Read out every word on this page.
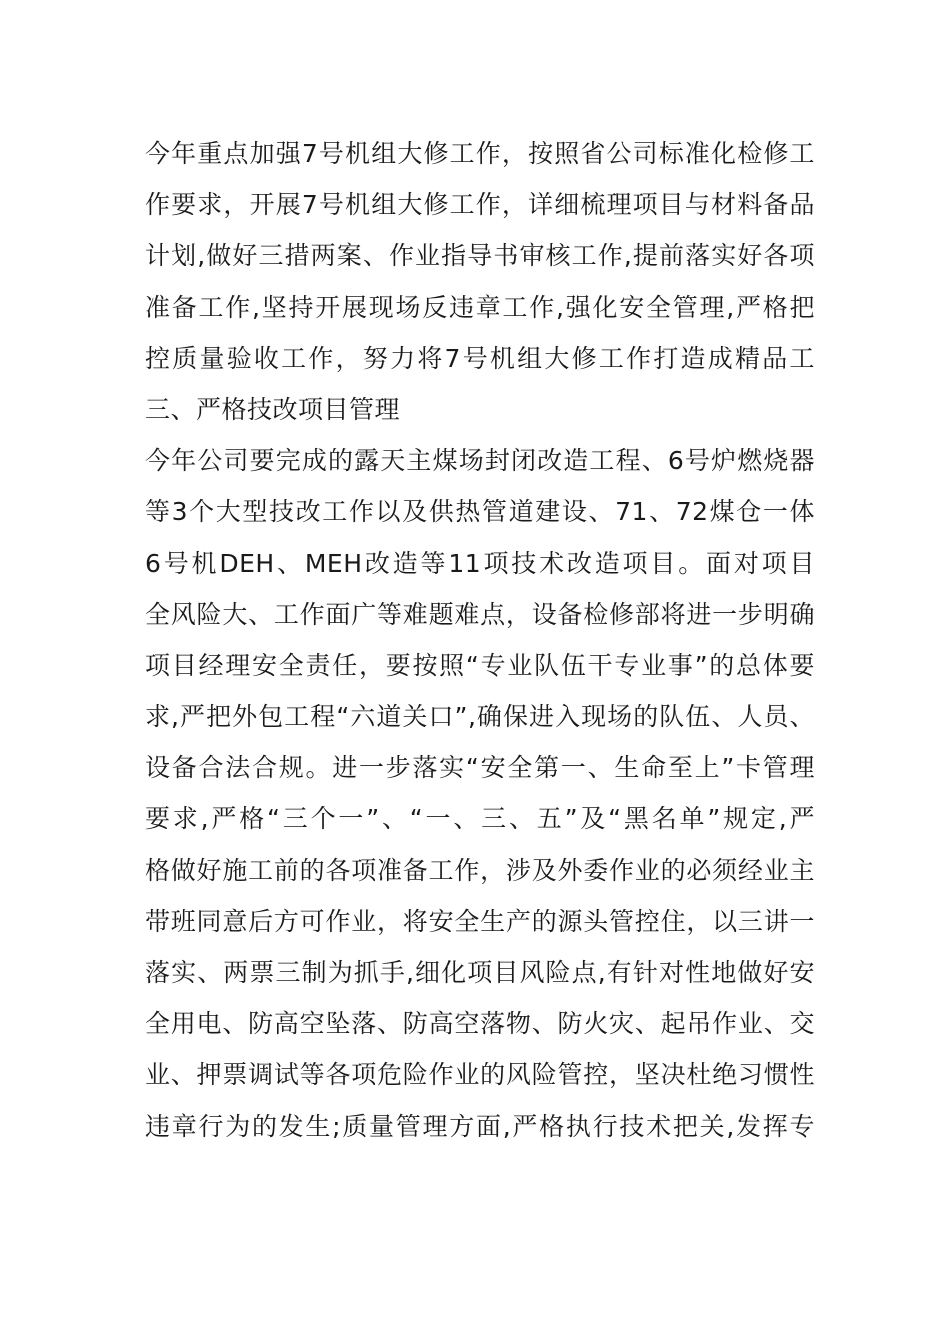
今年重点加强7号机组大修工作，按照省公司标准化检修工
作要求，开展7号机组大修工作，详细梳理项目与材料备品
计划,做好三措两案、作业指导书审核工作,提前落实好各项
准备工作,坚持开展现场反违章工作,强化安全管理,严格把
控质量验收工作，努力将7号机组大修工作打造成精品工
三、严格技改项目管理
今年公司要完成的露天主煤场封闭改造工程、6号炉燃烧器
等3个大型技改工作以及供热管道建设、71、72煤仓一体
6号机DEH、MEH改造等11项技术改造项目。面对项目
全风险大、工作面广等难题难点，设备检修部将进一步明确
项目经理安全责任，要按照“专业队伍干专业事”的总体要
求,严把外包工程“六道关口”,确保进入现场的队伍、人员、
设备合法合规。进一步落实“安全第一、生命至上”卡管理
要求,严格“三个一”、“一、三、五”及“黑名单”规定,严
格做好施工前的各项准备工作，涉及外委作业的必须经业主
带班同意后方可作业，将安全生产的源头管控住，以三讲一
落实、两票三制为抓手,细化项目风险点,有针对性地做好安
全用电、防高空坠落、防高空落物、防火灾、起吊作业、交
业、押票调试等各项危险作业的风险管控，坚决杜绝习惯性
违章行为的发生;质量管理方面,严格执行技术把关,发挥专
